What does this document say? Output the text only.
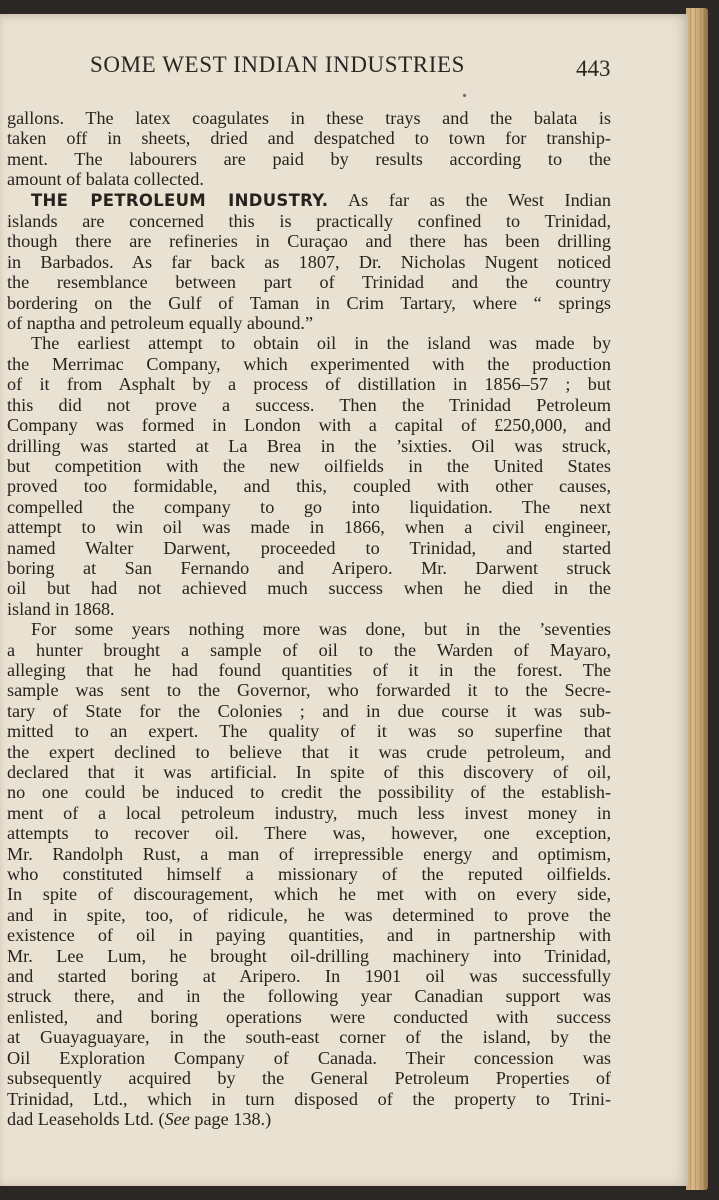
SOME WEST INDIAN INDUSTRIES	443
gallons. The latex coagulates in these trays and the balata is
taken off in sheets, dried and despatched to town for tranship-
ment. The labourers are paid by results according to the
amount of balata collected.
THE PETROLEUM INDUSTRY. As far as the West Indian
islands are concerned this is practically confined to Trinidad,
though there are refineries in Curaçao and there has been drilling
in Barbados. As far back as 1807, Dr. Nicholas Nugent noticed
the resemblance between part of Trinidad and the country
bordering on the Gulf of Taman in Crim Tartary, where “ springs
of naptha and petroleum equally abound.”
The earliest attempt to obtain oil in the island was made by
the Merrimac Company, which experimented with the production
of it from Asphalt by a process of distillation in 1856–57 ; but
this did not prove a success. Then the Trinidad Petroleum
Company was formed in London with a capital of £250,000, and
drilling was started at La Brea in the ’sixties. Oil was struck,
but competition with the new oilfields in the United States
proved too formidable, and this, coupled with other causes,
compelled the company to go into liquidation. The next
attempt to win oil was made in 1866, when a civil engineer,
named Walter Darwent, proceeded to Trinidad, and started
boring at San Fernando and Aripero. Mr. Darwent struck
oil but had not achieved much success when he died in the
island in 1868.
For some years nothing more was done, but in the ’seventies
a hunter brought a sample of oil to the Warden of Mayaro,
alleging that he had found quantities of it in the forest. The
sample was sent to the Governor, who forwarded it to the Secre-
tary of State for the Colonies ; and in due course it was sub-
mitted to an expert. The quality of it was so superfine that
the expert declined to believe that it was crude petroleum, and
declared that it was artificial. In spite of this discovery of oil,
no one could be induced to credit the possibility of the establish-
ment of a local petroleum industry, much less invest money in
attempts to recover oil. There was, however, one exception,
Mr. Randolph Rust, a man of irrepressible energy and optimism,
who constituted himself a missionary of the reputed oilfields.
In spite of discouragement, which he met with on every side,
and in spite, too, of ridicule, he was determined to prove the
existence of oil in paying quantities, and in partnership with
Mr. Lee Lum, he brought oil-drilling machinery into Trinidad,
and started boring at Aripero. In 1901 oil was successfully
struck there, and in the following year Canadian support was
enlisted, and boring operations were conducted with success
at Guayaguayare, in the south-east corner of the island, by the
Oil Exploration Company of Canada. Their concession was
subsequently acquired by the General Petroleum Properties of
Trinidad, Ltd., which in turn disposed of the property to Trini-
dad Leaseholds Ltd. (See page 138.)
